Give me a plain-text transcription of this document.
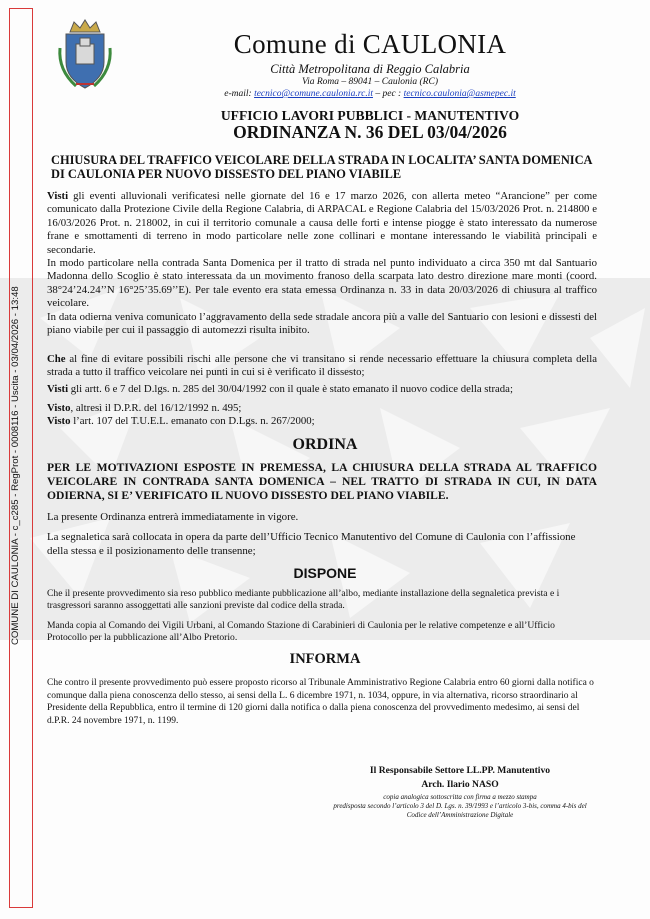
COMUNE DI CAULONIA - c_c285 - RegProt - 0008116 - Uscita - 03/04/2026 - 13:48
Comune di CAULONIA
Città Metropolitana di Reggio Calabria
Via Roma – 89041 – Caulonia (RC)
e-mail: tecnico@comune.caulonia.rc.it – pec : tecnico.caulonia@asmepec.it
UFFICIO LAVORI PUBBLICI - MANUTENTIVO
ORDINANZA N. 36 DEL 03/04/2026
CHIUSURA DEL TRAFFICO VEICOLARE DELLA STRADA IN LOCALITA’ SANTA DOMENICA DI CAULONIA PER NUOVO DISSESTO DEL PIANO VIABILE

Visti gli eventi alluvionali verificatesi nelle giornate del 16 e 17 marzo 2026, con allerta meteo “Arancione” per come comunicato dalla Protezione Civile della Regione Calabria, di ARPACAL e Regione Calabria del 15/03/2026 Prot. n. 214800 e 16/03/2026 Prot. n. 218002, in cui il territorio comunale a causa delle forti e intense piogge è stato interessato da numerose frane e smottamenti di terreno in modo particolare nelle zone collinari e montane interessando le viabilità principali e secondarie.

In modo particolare nella contrada Santa Domenica per il tratto di strada nel punto individuato a circa 350 mt dal Santuario Madonna dello Scoglio è stato interessata da un movimento franoso della scarpata lato destro direzione mare monti (coord. 38°24’24.24’’N 16°25’35.69’’E). Per tale evento era stata emessa Ordinanza n. 33 in data 20/03/2026 di chiusura al traffico veicolare.

In data odierna veniva comunicato l’aggravamento della sede stradale ancora più a valle del Santuario con lesioni e dissesti del piano viabile per cui il passaggio di automezzi risulta inibito.

Che al fine di evitare possibili rischi alle persone che vi transitano si rende necessario effettuare la chiusura completa della strada a tutto il traffico veicolare nei punti in cui si è verificato il dissesto;

Visti gli artt. 6 e 7 del D.lgs. n. 285 del 30/04/1992 con il quale è stato emanato il nuovo codice della strada;

Visto, altresì il D.P.R. del 16/12/1992 n. 495;

Visto l’art. 107 del T.U.E.L. emanato con D.Lgs. n. 267/2000;

ORDINA
PER LE MOTIVAZIONI ESPOSTE IN PREMESSA, LA CHIUSURA DELLA STRADA AL TRAFFICO VEICOLARE IN CONTRADA SANTA DOMENICA – NEL TRATTO DI STRADA IN CUI, IN DATA ODIERNA, SI E’ VERIFICATO IL NUOVO DISSESTO DEL PIANO VIABILE.
La presente Ordinanza entrerà immediatamente in vigore.
La segnaletica sarà collocata in opera da parte dell’Ufficio Tecnico Manutentivo del Comune di Caulonia con l’affissione della stessa e il posizionamento delle transenne;
DISPONE
Che il presente provvedimento sia reso pubblico mediante pubblicazione all’albo, mediante installazione della segnaletica prevista e i trasgressori saranno assoggettati alle sanzioni previste dal codice della strada.
Manda copia al Comando dei Vigili Urbani, al Comando Stazione di Carabinieri di Caulonia per le relative competenze e all’Ufficio Protocollo per la pubblicazione all’Albo Pretorio.
INFORMA
Che contro il presente provvedimento può essere proposto ricorso al Tribunale Amministrativo Regione Calabria entro 60 giorni dalla notifica o comunque dalla piena conoscenza dello stesso, ai sensi della L. 6 dicembre 1971, n. 1034, oppure, in via alternativa, ricorso straordinario al Presidente della Repubblica, entro il termine di 120 giorni dalla notifica o dalla piena conoscenza del provvedimento medesimo, ai sensi del d.P.R. 24 novembre 1971, n. 1199.
Il Responsabile Settore LL.PP. Manutentivo
Arch. Ilario NASO
copia analogica sottoscritta con firma a mezzo stampa
predisposta secondo l’articolo 3 del D. Lgs. n. 39/1993 e l’articolo 3-bis, comma 4-bis del
Codice dell’Amministrazione Digitale
